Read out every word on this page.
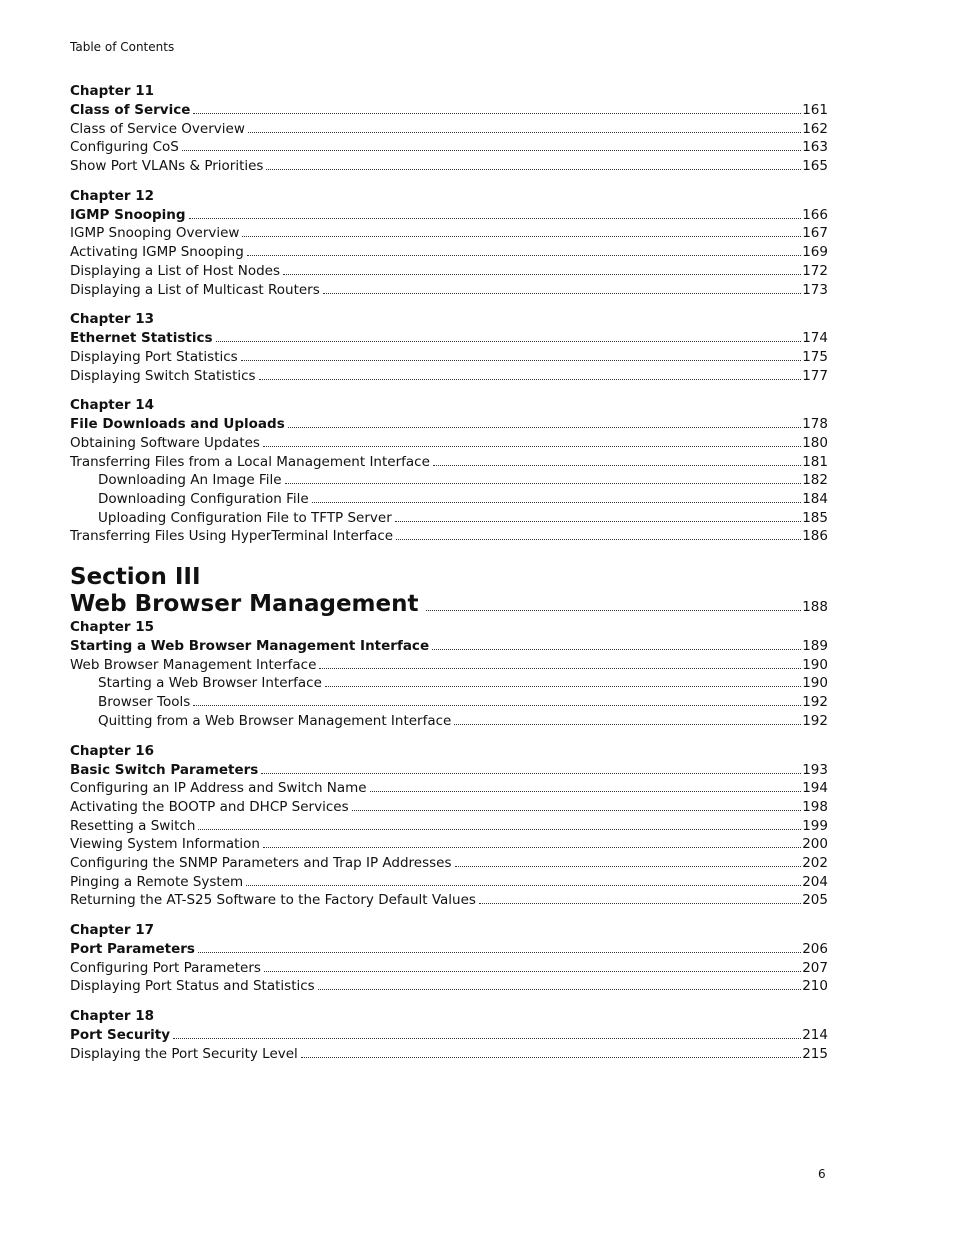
Table of Contents
Chapter 11
Class of Service	161
Class of Service Overview	162
Configuring CoS	163
Show Port VLANs & Priorities	165
Chapter 12
IGMP Snooping	166
IGMP Snooping Overview	167
Activating IGMP Snooping	169
Displaying a List of Host Nodes	172
Displaying a List of Multicast Routers	173
Chapter 13
Ethernet Statistics	174
Displaying Port Statistics	175
Displaying Switch Statistics	177
Chapter 14
File Downloads and Uploads	178
Obtaining Software Updates	180
Transferring Files from a Local Management Interface	181
Downloading An Image File	182
Downloading Configuration File	184
Uploading Configuration File to TFTP Server	185
Transferring Files Using HyperTerminal Interface	186
Section III
Web Browser Management	188
Chapter 15
Starting a Web Browser Management Interface	189
Web Browser Management Interface	190
Starting a Web Browser Interface	190
Browser Tools	192
Quitting from a Web Browser Management Interface	192
Chapter 16
Basic Switch Parameters	193
Configuring an IP Address and Switch Name	194
Activating the BOOTP and DHCP Services	198
Resetting a Switch	199
Viewing System Information	200
Configuring the SNMP Parameters and Trap IP Addresses	202
Pinging a Remote System	204
Returning the AT-S25 Software to the Factory Default Values	205
Chapter 17
Port Parameters	206
Configuring Port Parameters	207
Displaying Port Status and Statistics	210
Chapter 18
Port Security	214
Displaying the Port Security Level	215
6
